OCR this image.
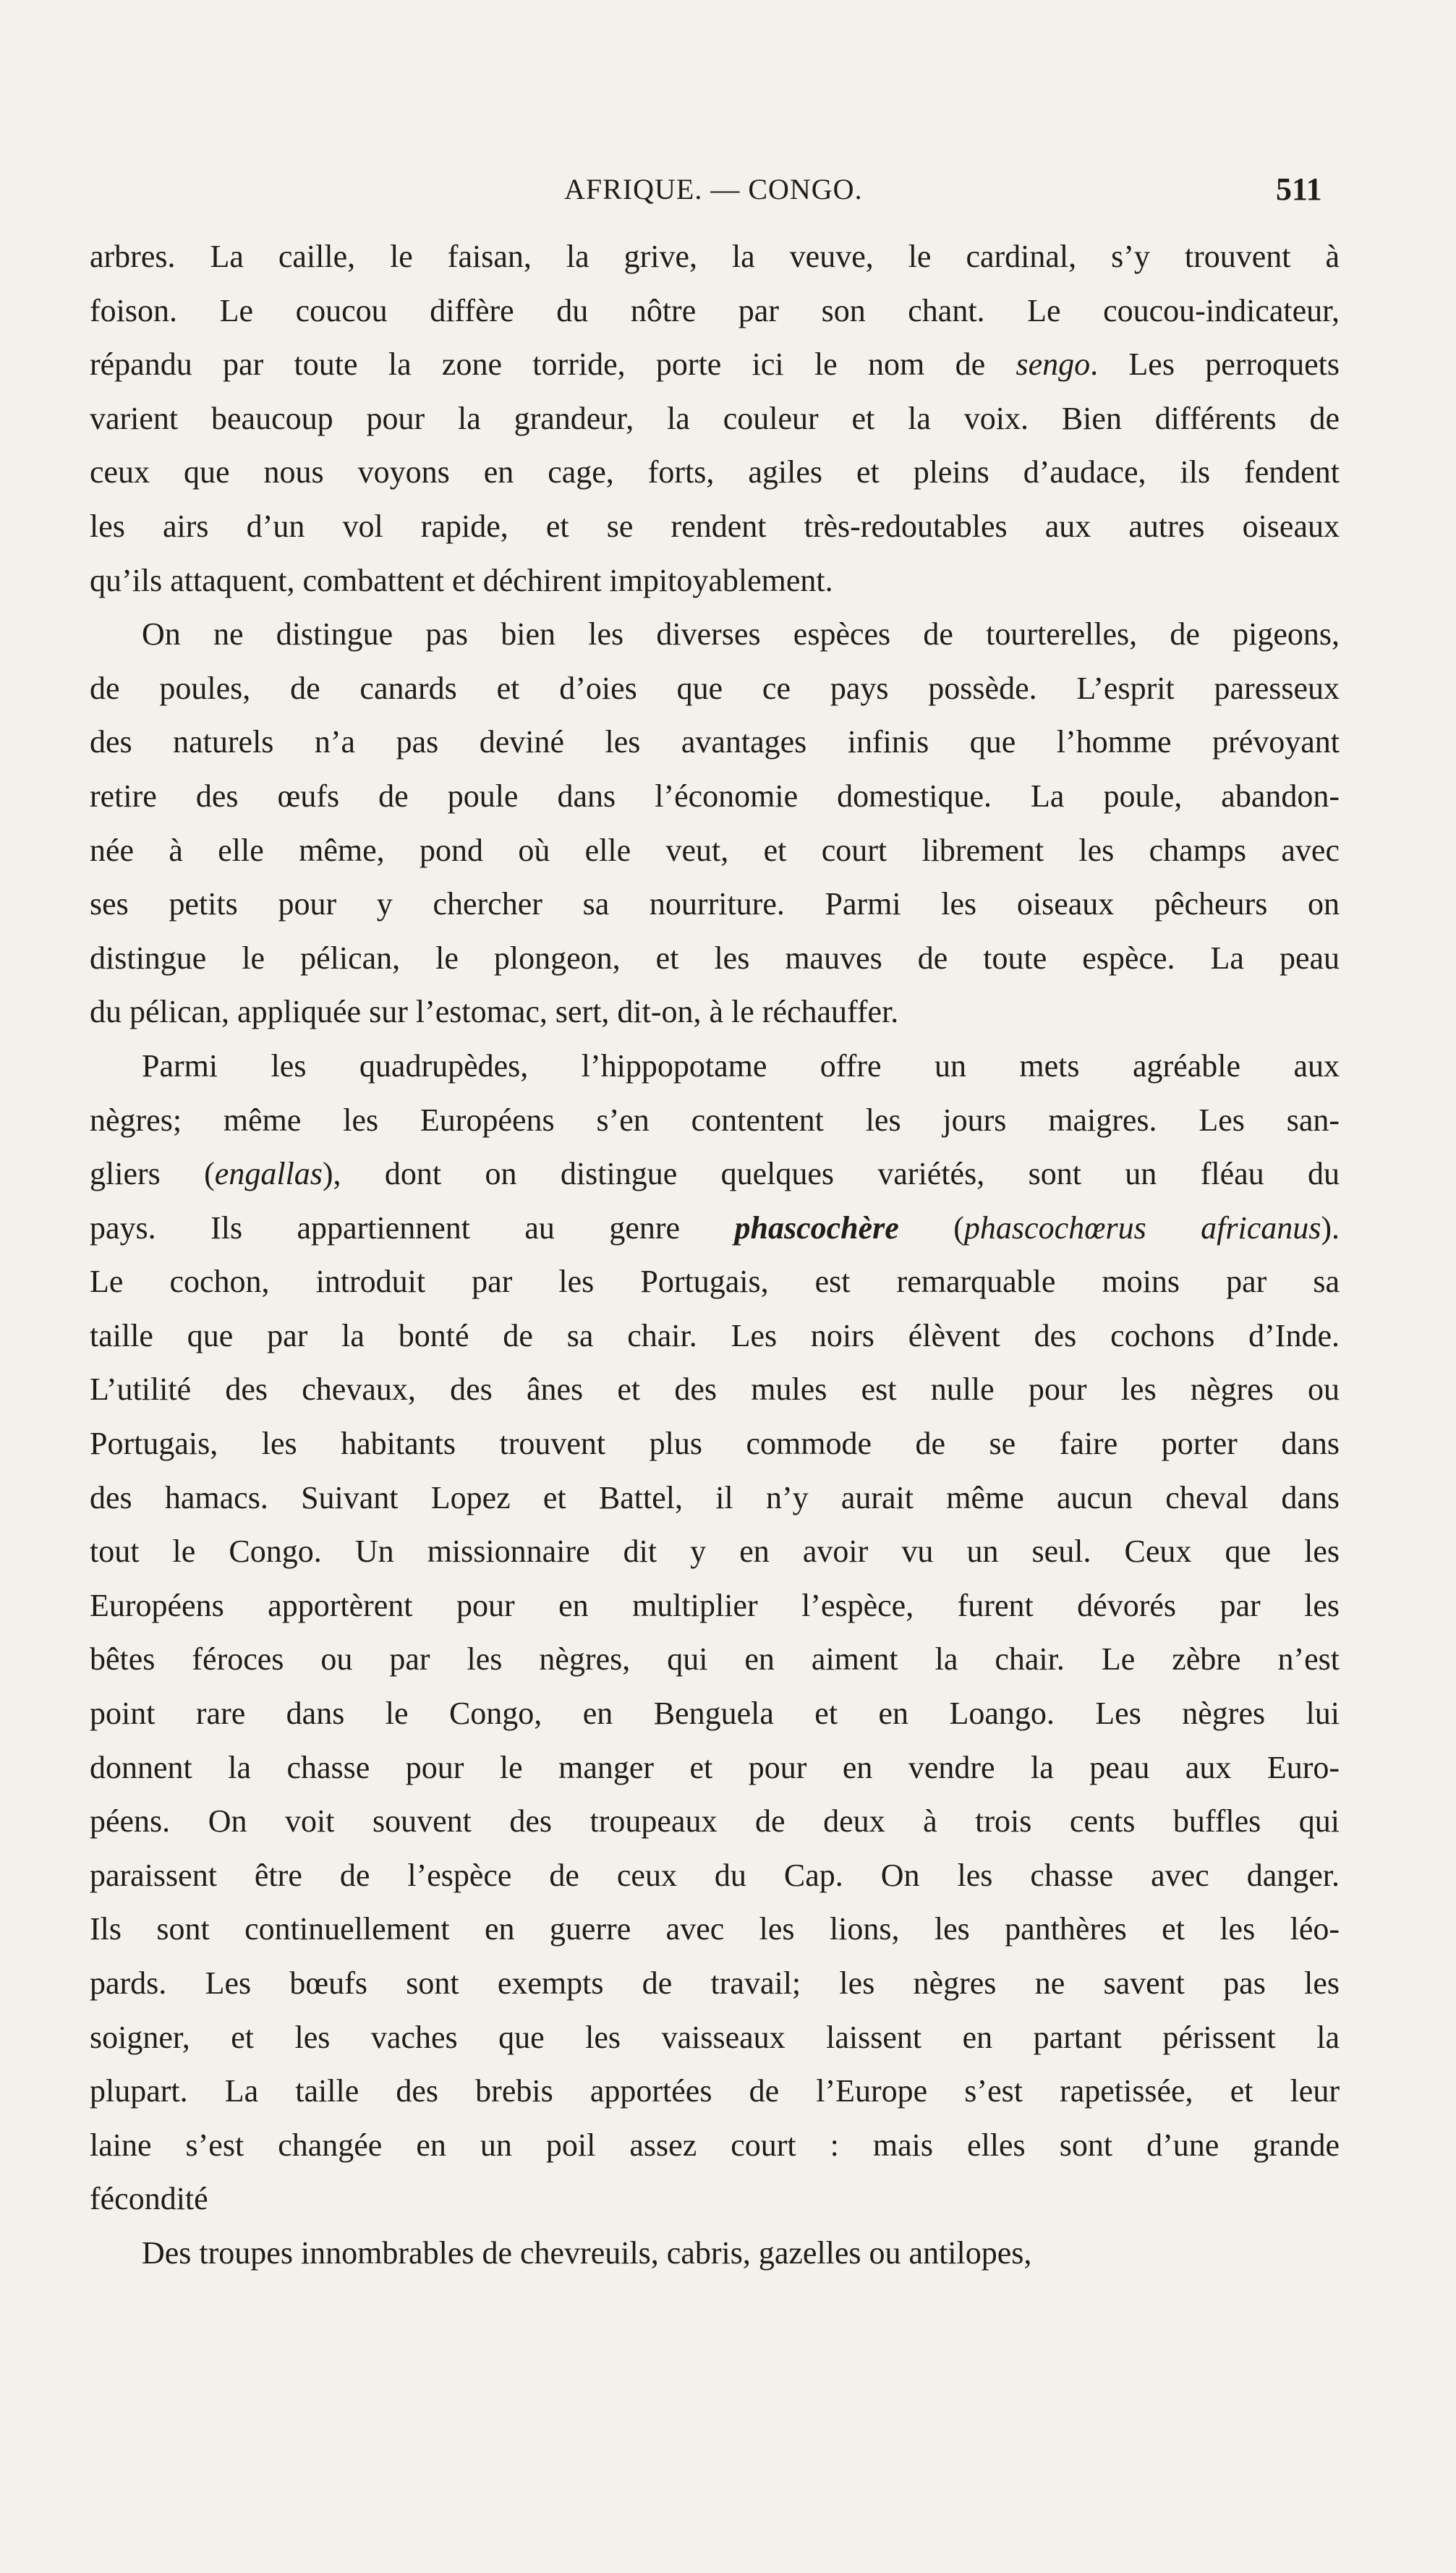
AFRIQUE. — CONGO.	511
arbres. La caille, le faisan, la grive, la veuve, le cardinal, s’y trouvent à
foison. Le coucou diffère du nôtre par son chant. Le coucou-indicateur,
répandu par toute la zone torride, porte ici le nom de sengo. Les perroquets
varient beaucoup pour la grandeur, la couleur et la voix. Bien différents de
ceux que nous voyons en cage, forts, agiles et pleins d’audace, ils fendent
les airs d’un vol rapide, et se rendent très-redoutables aux autres oiseaux
qu’ils attaquent, combattent et déchirent impitoyablement.
On ne distingue pas bien les diverses espèces de tourterelles, de pigeons,
de poules, de canards et d’oies que ce pays possède. L’esprit paresseux
des naturels n’a pas deviné les avantages infinis que l’homme prévoyant
retire des œufs de poule dans l’économie domestique. La poule, abandon-
née à elle même, pond où elle veut, et court librement les champs avec
ses petits pour y chercher sa nourriture. Parmi les oiseaux pêcheurs on
distingue le pélican, le plongeon, et les mauves de toute espèce. La peau
du pélican, appliquée sur l’estomac, sert, dit-on, à le réchauffer.
Parmi les quadrupèdes, l’hippopotame offre un mets agréable aux
nègres; même les Européens s’en contentent les jours maigres. Les san-
gliers (engallas), dont on distingue quelques variétés, sont un fléau du
pays. Ils appartiennent au genre phascochère (phascochœrus africanus).
Le cochon, introduit par les Portugais, est remarquable moins par sa
taille que par la bonté de sa chair. Les noirs élèvent des cochons d’Inde.
L’utilité des chevaux, des ânes et des mules est nulle pour les nègres ou
Portugais, les habitants trouvent plus commode de se faire porter dans
des hamacs. Suivant Lopez et Battel, il n’y aurait même aucun cheval dans
tout le Congo. Un missionnaire dit y en avoir vu un seul. Ceux que les
Européens apportèrent pour en multiplier l’espèce, furent dévorés par les
bêtes féroces ou par les nègres, qui en aiment la chair. Le zèbre n’est
point rare dans le Congo, en Benguela et en Loango. Les nègres lui
donnent la chasse pour le manger et pour en vendre la peau aux Euro-
péens. On voit souvent des troupeaux de deux à trois cents buffles qui
paraissent être de l’espèce de ceux du Cap. On les chasse avec danger.
Ils sont continuellement en guerre avec les lions, les panthères et les léo-
pards. Les bœufs sont exempts de travail; les nègres ne savent pas les
soigner, et les vaches que les vaisseaux laissent en partant périssent la
plupart. La taille des brebis apportées de l’Europe s’est rapetissée, et leur
laine s’est changée en un poil assez court : mais elles sont d’une grande
fécondité
Des troupes innombrables de chevreuils, cabris, gazelles ou antilopes,
